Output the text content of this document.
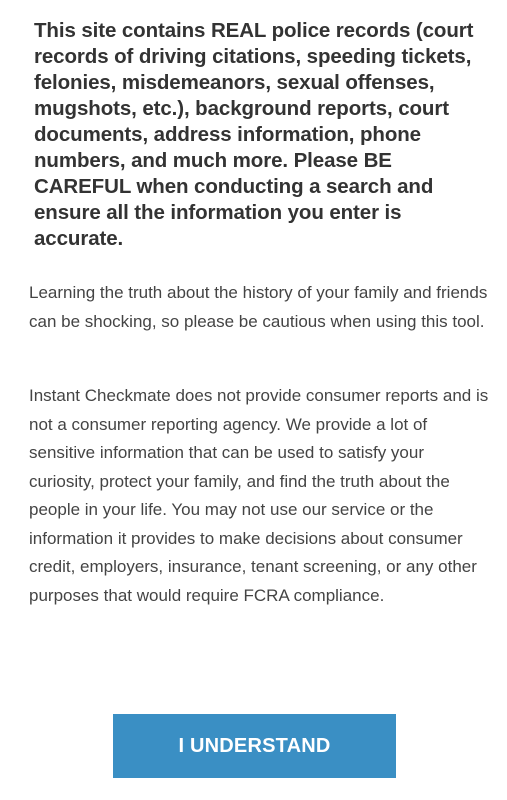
This site contains REAL police records (court records of driving citations, speeding tickets, felonies, misdemeanors, sexual offenses, mugshots, etc.), background reports, court documents, address information, phone numbers, and much more. Please BE CAREFUL when conducting a search and ensure all the information you enter is accurate.

Learning the truth about the history of your family and friends can be shocking, so please be cautious when using this tool.

Instant Checkmate does not provide consumer reports and is not a consumer reporting agency. We provide a lot of sensitive information that can be used to satisfy your curiosity, protect your family, and find the truth about the people in your life. You may not use our service or the information it provides to make decisions about consumer credit, employers, insurance, tenant screening, or any other purposes that would require FCRA compliance.

I UNDERSTAND
